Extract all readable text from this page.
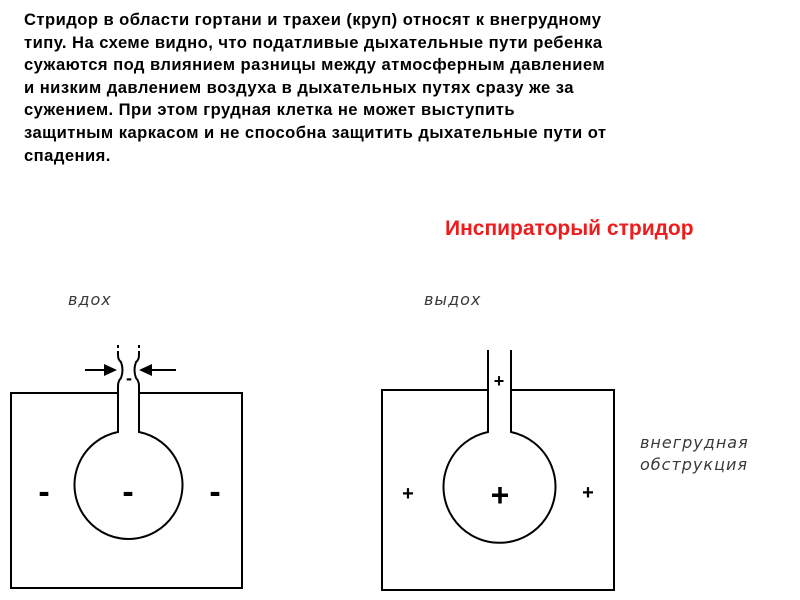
Стридор в области гортани и трахеи (круп) относят к внегрудному
типу. На схеме видно, что податливые дыхательные пути ребенка
сужаются под влиянием разницы между атмосферным давлением
и низким давлением воздуха в дыхательных путях сразу же за
сужением. При этом грудная клетка не может выступить
защитным каркасом и не способна защитить дыхательные пути от
спадения.
Инспираторый стридор
вдох
-
-
-	-
выдох
+
+
+	+
внегрудная
обструкция
